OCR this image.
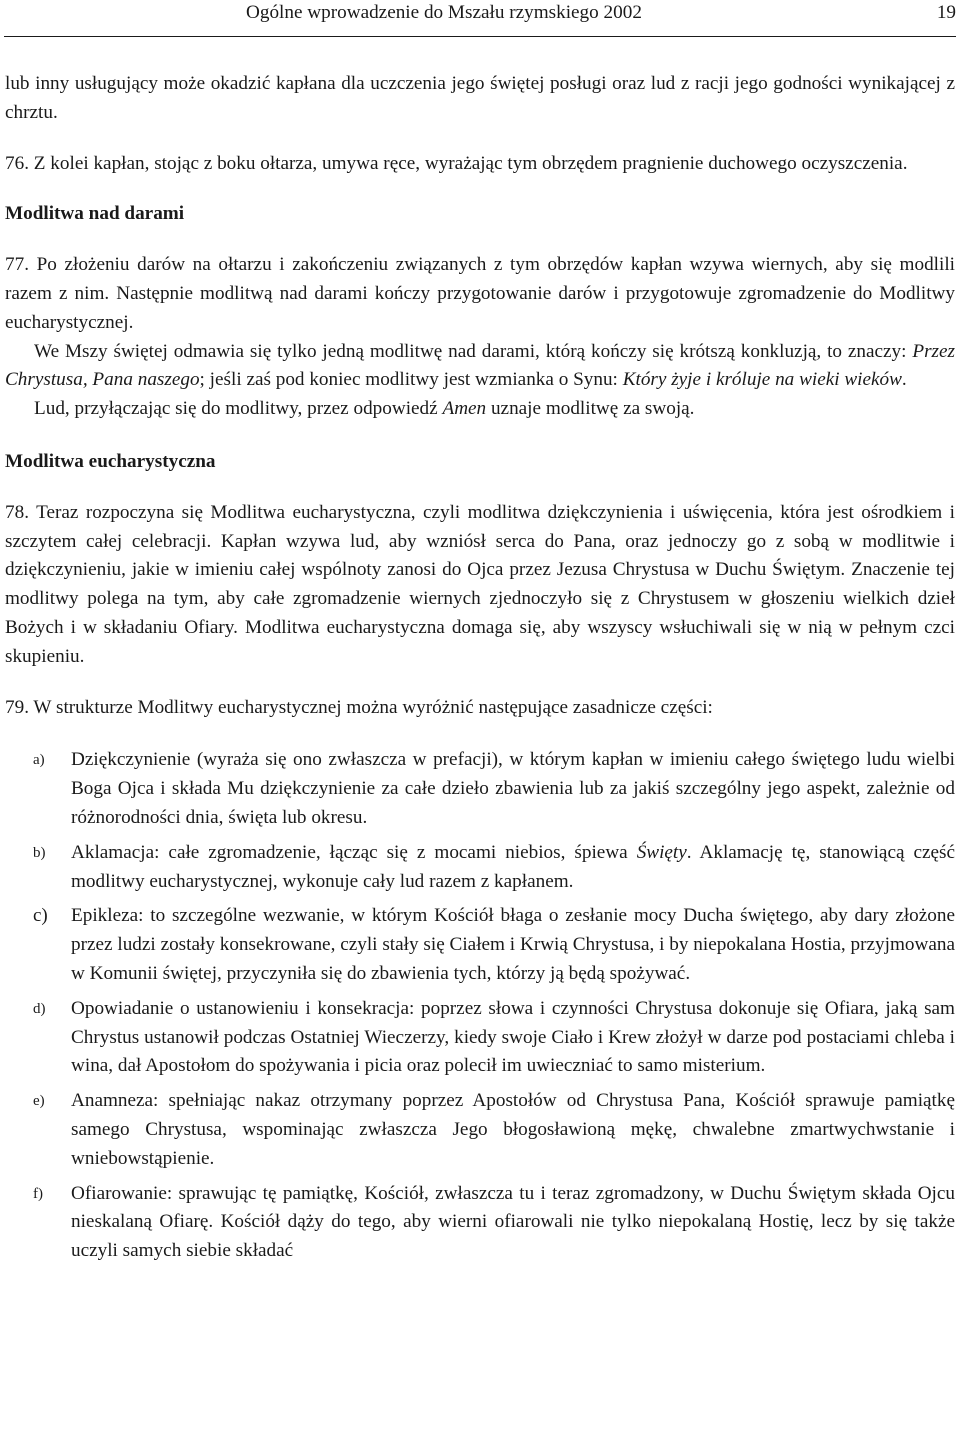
Ogólne wprowadzenie do Mszału rzymskiego 2002	19

lub inny usługujący może okadzić kapłana dla uczczenia jego świętej posługi oraz lud z racji jego godności wynikającej z chrztu.

76. Z kolei kapłan, stojąc z boku ołtarza, umywa ręce, wyrażając tym obrzędem pragnienie duchowego oczyszczenia.

Modlitwa nad darami

77. Po złożeniu darów na ołtarzu i zakończeniu związanych z tym obrzędów kapłan wzywa wiernych, aby się modlili razem z nim. Następnie modlitwą nad darami kończy przygotowanie darów i przygotowuje zgromadzenie do Modlitwy eucharystycznej.

We Mszy świętej odmawia się tylko jedną modlitwę nad darami, którą kończy się krótszą konkluzją, to znaczy: Przez Chrystusa, Pana naszego; jeśli zaś pod koniec modlitwy jest wzmianka o Synu: Który żyje i króluje na wieki wieków.

Lud, przyłączając się do modlitwy, przez odpowiedź Amen uznaje modlitwę za swoją.

Modlitwa eucharystyczna

78. Teraz rozpoczyna się Modlitwa eucharystyczna, czyli modlitwa dziękczynienia i uświęcenia, która jest ośrodkiem i szczytem całej celebracji. Kapłan wzywa lud, aby wzniósł serca do Pana, oraz jednoczy go z sobą w modlitwie i dziękczynieniu, jakie w imieniu całej wspólnoty zanosi do Ojca przez Jezusa Chrystusa w Duchu Świętym. Znaczenie tej modlitwy polega na tym, aby całe zgromadzenie wiernych zjednoczyło się z Chrystusem w głoszeniu wielkich dzieł Bożych i w składaniu Ofiary. Modlitwa eucharystyczna domaga się, aby wszyscy wsłuchiwali się w nią w pełnym czci skupieniu.

79. W strukturze Modlitwy eucharystycznej można wyróżnić następujące zasadnicze części:

a) Dziękczynienie (wyraża się ono zwłaszcza w prefacji), w którym kapłan w imieniu całego świętego ludu wielbi Boga Ojca i składa Mu dziękczynienie za całe dzieło zbawienia lub za jakiś szczególny jego aspekt, zależnie od różnorodności dnia, święta lub okresu.
b) Aklamacja: całe zgromadzenie, łącząc się z mocami niebios, śpiewa Święty. Aklamację tę, stanowiącą część modlitwy eucharystycznej, wykonuje cały lud razem z kapłanem.
c) Epikleza: to szczególne wezwanie, w którym Kościół błaga o zesłanie mocy Ducha świętego, aby dary złożone przez ludzi zostały konsekrowane, czyli stały się Ciałem i Krwią Chrystusa, i by niepokalana Hostia, przyjmowana w Komunii świętej, przyczyniła się do zbawienia tych, którzy ją będą spożywać.
d) Opowiadanie o ustanowieniu i konsekracja: poprzez słowa i czynności Chrystusa dokonuje się Ofiara, jaką sam Chrystus ustanowił podczas Ostatniej Wieczerzy, kiedy swoje Ciało i Krew złożył w darze pod postaciami chleba i wina, dał Apostołom do spożywania i picia oraz polecił im uwieczniać to samo misterium.
e) Anamneza: spełniając nakaz otrzymany poprzez Apostołów od Chrystusa Pana, Kościół sprawuje pamiątkę samego Chrystusa, wspominając zwłaszcza Jego błogosławioną mękę, chwalebne zmartwychwstanie i wniebowstąpienie.
f) Ofiarowanie: sprawując tę pamiątkę, Kościół, zwłaszcza tu i teraz zgromadzony, w Duchu Świętym składa Ojcu nieskalaną Ofiarę. Kościół dąży do tego, aby wierni ofiarowali nie tylko niepokalaną Hostię, lecz by się także uczyli samych siebie składać
